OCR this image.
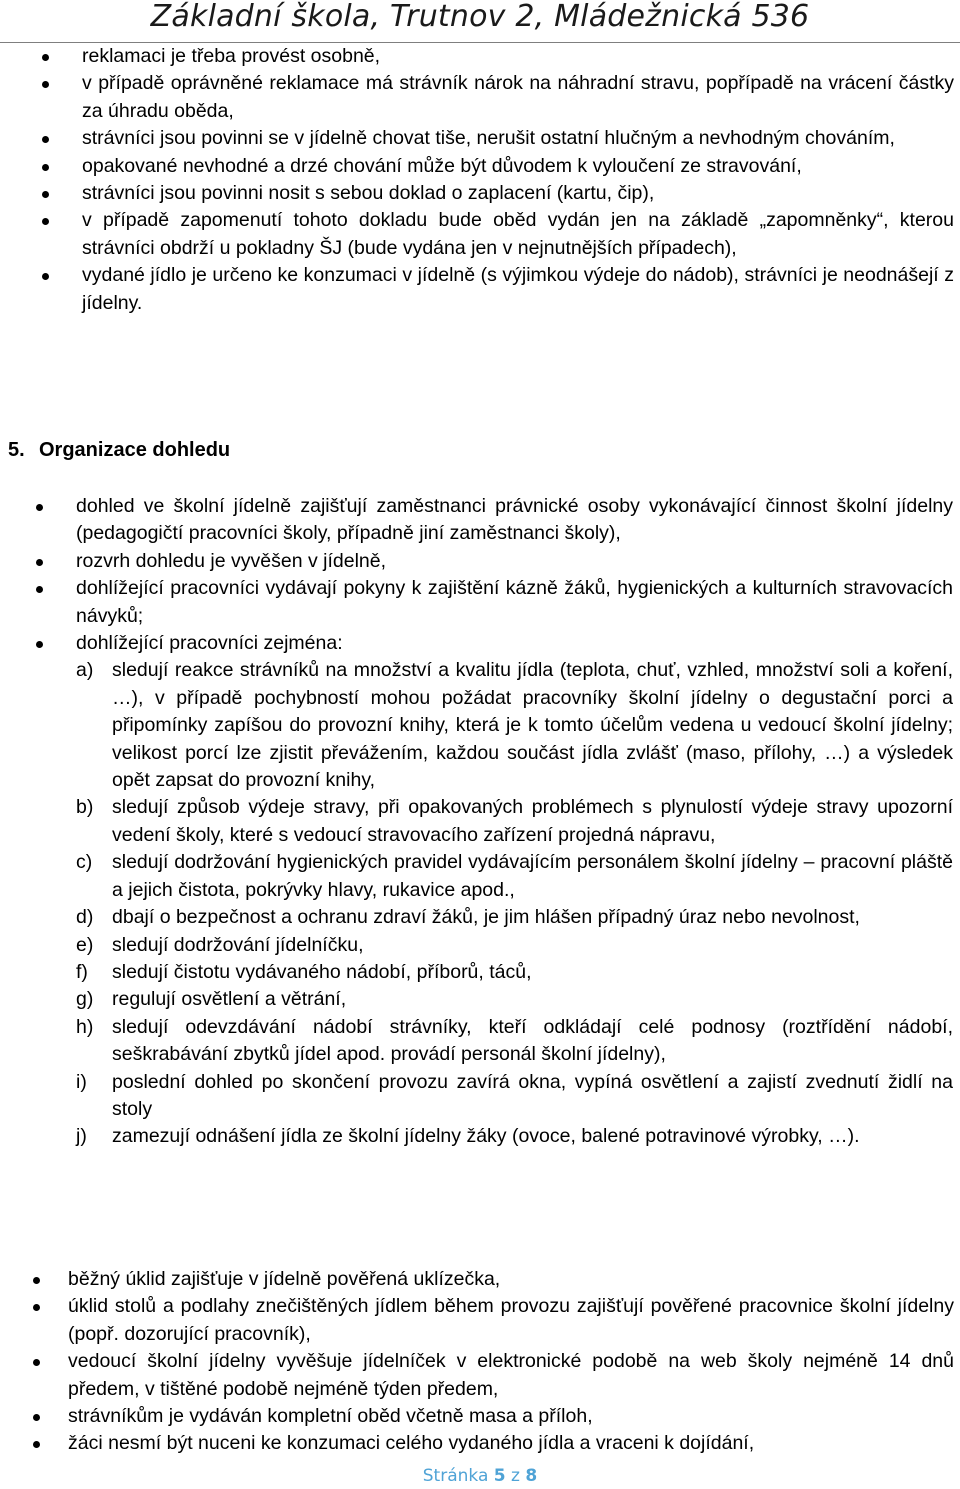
Základní škola, Trutnov 2, Mládežnická 536
reklamaci je třeba provést osobně,
v případě oprávněné reklamace má strávník nárok na náhradní stravu, popřípadě na vrácení částky za úhradu oběda,
strávníci jsou povinni se v jídelně chovat tiše, nerušit ostatní hlučným a nevhodným chováním,
opakované nevhodné a drzé chování může být důvodem k vyloučení ze stravování,
strávníci jsou povinni nosit s sebou doklad o zaplacení (kartu, čip),
v případě zapomenutí tohoto dokladu bude oběd vydán jen na základě „zapomněnky“, kterou strávníci obdrží u pokladny ŠJ (bude vydána jen v nejnutnějších případech),
vydané jídlo je určeno ke konzumaci v jídelně (s výjimkou výdeje do nádob), strávníci je neodnášejí z jídelny.
5. Organizace dohledu
dohled ve školní jídelně zajišťují zaměstnanci právnické osoby vykonávající činnost školní jídelny (pedagogičtí pracovníci školy, případně jiní zaměstnanci školy),
rozvrh dohledu je vyvěšen v jídelně,
dohlížející pracovníci vydávají pokyny k zajištění kázně žáků, hygienických a kulturních stravovacích návyků;
dohlížející pracovníci zejména:
a) sledují reakce strávníků na množství a kvalitu jídla (teplota, chuť, vzhled, množství soli a koření, …), v případě pochybností mohou požádat pracovníky školní jídelny o degustační porci a připomínky zapíšou do provozní knihy, která je k tomto účelům vedena u vedoucí školní jídelny; velikost porcí lze zjistit převážením, každou součást jídla zvlášť (maso, přílohy, …) a výsledek opět zapsat do provozní knihy,
b) sledují způsob výdeje stravy, při opakovaných problémech s plynulostí výdeje stravy upozorní vedení školy, které s vedoucí stravovacího zařízení projedná nápravu,
c) sledují dodržování hygienických pravidel vydávajícím personálem školní jídelny – pracovní pláště a jejich čistota, pokrývky hlavy, rukavice apod.,
d) dbají o bezpečnost a ochranu zdraví žáků, je jim hlášen případný úraz nebo nevolnost,
e) sledují dodržování jídelníčku,
f) sledují čistotu vydávaného nádobí, příborů, táců,
g) regulují osvětlení a větrání,
h) sledují odevzdávání nádobí strávníky, kteří odkládají celé podnosy (roztřídění nádobí, seškrabávání zbytků jídel apod. provádí personál školní jídelny),
i) poslední dohled po skončení provozu zavírá okna, vypíná osvětlení a zajistí zvednutí židlí na stoly
j) zamezují odnášení jídla ze školní jídelny žáky (ovoce, balené potravinové výrobky, …).
běžný úklid zajišťuje v jídelně pověřená uklízečka,
úklid stolů a podlahy znečištěných jídlem během provozu zajišťují pověřené pracovnice školní jídelny (popř. dozorující pracovník),
vedoucí školní jídelny vyvěšuje jídelníček v elektronické podobě na web školy nejméně 14 dnů předem, v tištěné podobě nejméně týden předem,
strávníkům je vydáván kompletní oběd včetně masa a příloh,
žáci nesmí být nuceni ke konzumaci celého vydaného jídla a vraceni k dojídání,
Stránka 5 z 8
